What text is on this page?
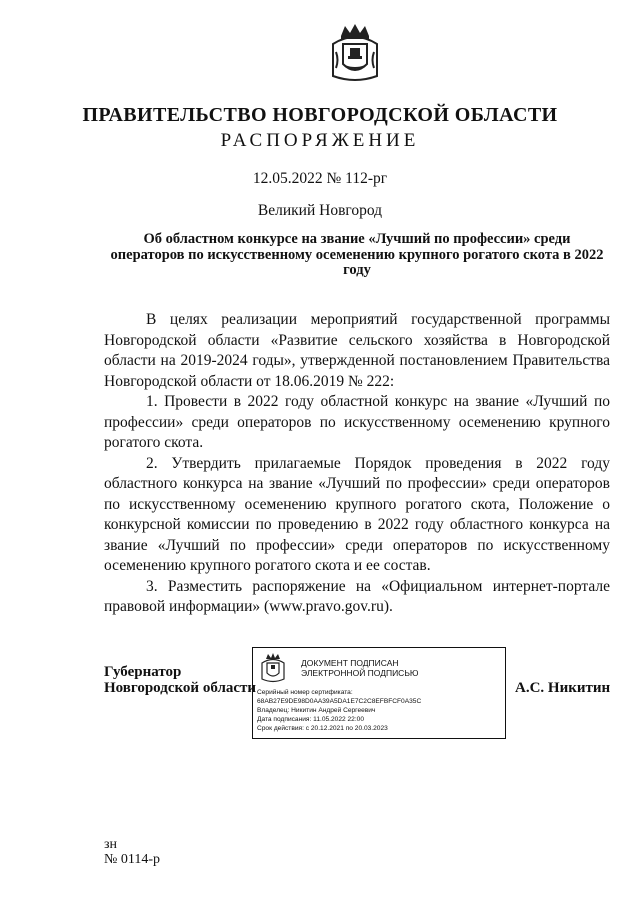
ПРАВИТЕЛЬСТВО НОВГОРОДСКОЙ ОБЛАСТИ
РАСПОРЯЖЕНИЕ
12.05.2022 № 112-рг
Великий Новгород
Об областном конкурсе на звание «Лучший по профессии» среди операторов по искусственному осеменению крупного рогатого скота в 2022 году

В целях реализации мероприятий государственной программы Новгородской области «Развитие сельского хозяйства в Новгородской области на 2019-2024 годы», утвержденной постановлением Правительства Новгородской области от 18.06.2019 № 222:

1. Провести в 2022 году областной конкурс на звание «Лучший по профессии» среди операторов по искусственному осеменению крупного рогатого скота.

2. Утвердить прилагаемые Порядок проведения в 2022 году областного конкурса на звание «Лучший по профессии» среди операторов по искусственному осеменению крупного рогатого скота, Положение о конкурсной комиссии по проведению в 2022 году областного конкурса на звание «Лучший по профессии» среди операторов по искусственному осеменению крупного рогатого скота и ее состав.

3. Разместить распоряжение на «Официальном интернет-портале правовой информации» (www.pravo.gov.ru).

Губернатор
Новгородской области
ДОКУМЕНТ ПОДПИСАН
ЭЛЕКТРОННОЙ ПОДПИСЬЮ
Серийный номер сертификата:
68AB27E9DE98D0AA39A5DA1E7C2C8EFBFCF0A35C
Владелец: Никитин Андрей Сергеевич
Дата подписания: 11.05.2022 22:00
Срок действия: с 20.12.2021 по 20.03.2023
А.С. Никитин
зн
№ 0114-р
